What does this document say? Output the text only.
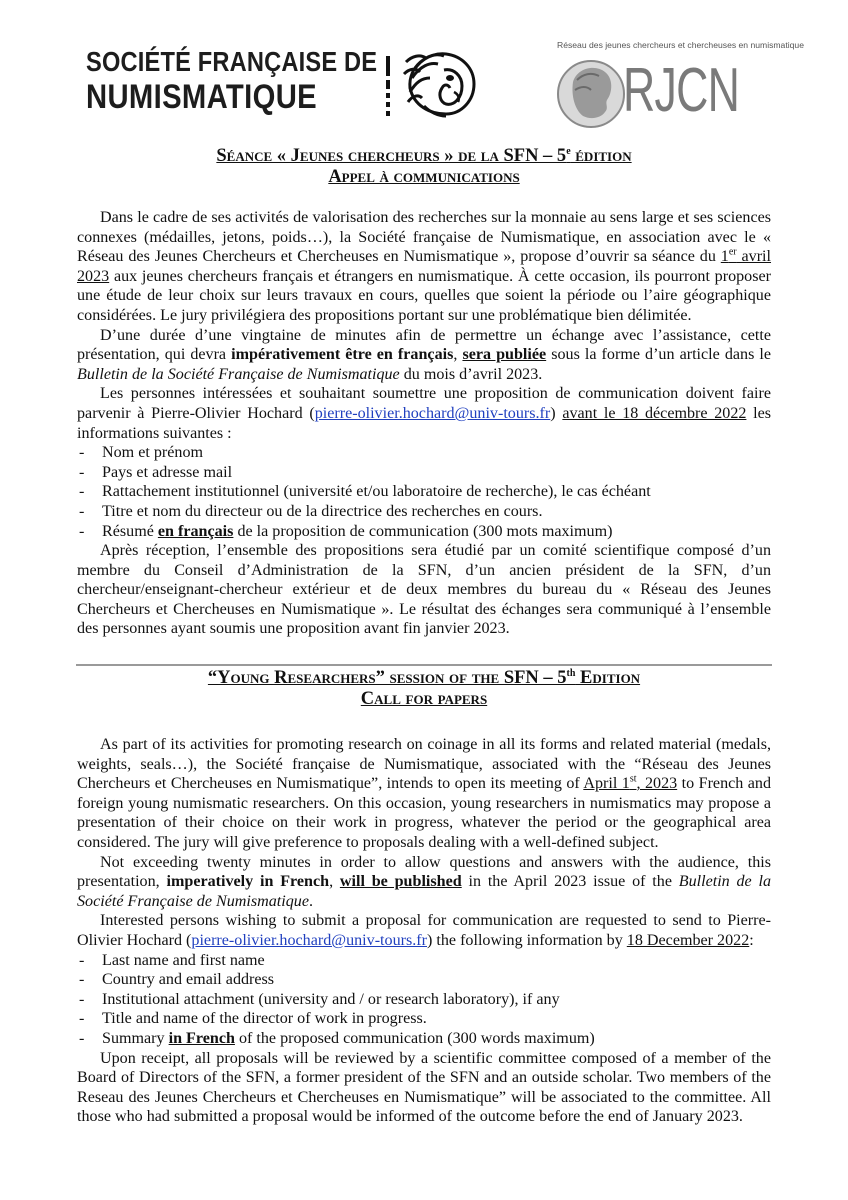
SOCIÉTÉ FRANÇAISE DE
NUMISMATIQUE
Réseau des jeunes chercheurs et chercheuses en numismatique
RJCN
Séance « Jeunes chercheurs » de la SFN – 5e édition
Appel à communications

Dans le cadre de ses activités de valorisation des recherches sur la monnaie au sens large et ses sciences connexes (médailles, jetons, poids…), la Société française de Numismatique, en association avec le « Réseau des Jeunes Chercheurs et Chercheuses en Numismatique », propose d’ouvrir sa séance du 1er avril 2023 aux jeunes chercheurs français et étrangers en numismatique. À cette occasion, ils pourront proposer une étude de leur choix sur leurs travaux en cours, quelles que soient la période ou l’aire géographique considérées. Le jury privilégiera des propositions portant sur une problématique bien délimitée.

D’une durée d’une vingtaine de minutes afin de permettre un échange avec l’assistance, cette présentation, qui devra impérativement être en français, sera publiée sous la forme d’un article dans le Bulletin de la Société Française de Numismatique du mois d’avril 2023.

Les personnes intéressées et souhaitant soumettre une proposition de communication doivent faire parvenir à Pierre-Olivier Hochard (pierre-olivier.hochard@univ-tours.fr) avant le 18 décembre 2022 les informations suivantes :

- Nom et prénom
- Pays et adresse mail
- Rattachement institutionnel (université et/ou laboratoire de recherche), le cas échéant
- Titre et nom du directeur ou de la directrice des recherches en cours.
- Résumé en français de la proposition de communication (300 mots maximum)

Après réception, l’ensemble des propositions sera étudié par un comité scientifique composé d’un membre du Conseil d’Administration de la SFN, d’un ancien président de la SFN, d’un chercheur/enseignant-chercheur extérieur et de deux membres du bureau du « Réseau des Jeunes Chercheurs et Chercheuses en Numismatique ». Le résultat des échanges sera communiqué à l’ensemble des personnes ayant soumis une proposition avant fin janvier 2023.

“Young Researchers” session of the SFN – 5th Edition
Call for papers

As part of its activities for promoting research on coinage in all its forms and related material (medals, weights, seals…), the Société française de Numismatique, associated with the “Réseau des Jeunes Chercheurs et Chercheuses en Numismatique”, intends to open its meeting of April 1st, 2023 to French and foreign young numismatic researchers. On this occasion, young researchers in numismatics may propose a presentation of their choice on their work in progress, whatever the period or the geographical area considered. The jury will give preference to proposals dealing with a well-defined subject.

Not exceeding twenty minutes in order to allow questions and answers with the audience, this presentation, imperatively in French, will be published in the April 2023 issue of the Bulletin de la Société Française de Numismatique.

Interested persons wishing to submit a proposal for communication are requested to send to Pierre-Olivier Hochard (pierre-olivier.hochard@univ-tours.fr) the following information by 18 December 2022:

- Last name and first name
- Country and email address
- Institutional attachment (university and / or research laboratory), if any
- Title and name of the director of work in progress.
- Summary in French of the proposed communication (300 words maximum)

Upon receipt, all proposals will be reviewed by a scientific committee composed of a member of the Board of Directors of the SFN, a former president of the SFN and an outside scholar. Two members of the Reseau des Jeunes Chercheurs et Chercheuses en Numismatique” will be associated to the committee. All those who had submitted a proposal would be informed of the outcome before the end of January 2023.
